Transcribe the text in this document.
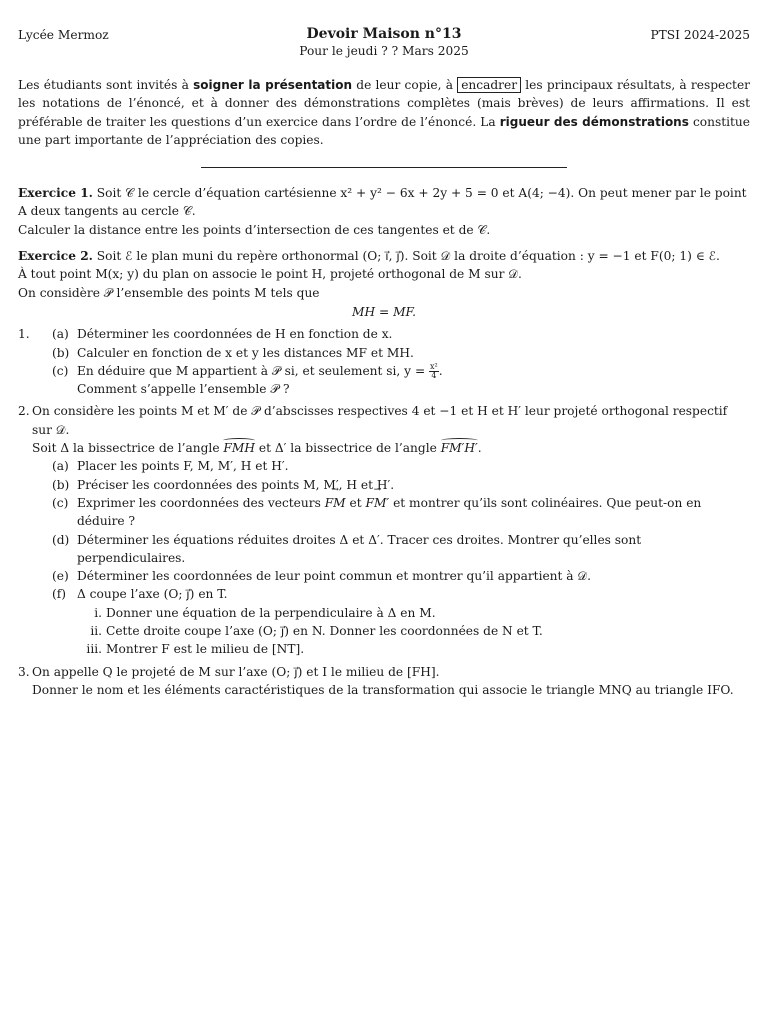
Lycée Mermoz	Devoir Maison n°13
Pour le jeudi ? ? Mars 2025
PTSI 2024-2025

Les étudiants sont invités à soigner la présentation de leur copie, à encadrer les principaux résultats, à respecter les notations de l’énoncé, et à donner des démonstrations complètes (mais brèves) de leurs affirmations. Il est préférable de traiter les questions d’un exercice dans l’ordre de l’énoncé. La rigueur des démonstrations constitue une part importante de l’appréciation des copies.

Exercice 1. Soit 𝒞 le cercle d’équation cartésienne x² + y² − 6x + 2y + 5 = 0 et A(4; −4). On peut mener par le point A deux tangents au cercle 𝒞.

Calculer la distance entre les points d’intersection de ces tangentes et de 𝒞.

Exercice 2. Soit ℰ le plan muni du repère orthonormal (O; i⃗, j⃗). Soit 𝒟 la droite d’équation : y = −1 et F(0; 1) ∈ ℰ.

À tout point M(x; y) du plan on associe le point H, projeté orthogonal de M sur 𝒟.

On considère 𝒫 l’ensemble des points M tels que

MH = MF.

1. (a) Déterminer les coordonnées de H en fonction de x.
(b) Calculer en fonction de x et y les distances MF et MH.
(c) En déduire que M appartient à 𝒫 si, et seulement si, $y = \frac{\text{x²}}{4}$ .
Comment s’appelle l’ensemble 𝒫 ?
2. On considère les points M et M′ de 𝒫 d’abscisses respectives 4 et −1 et H et H′ leur projeté orthogonal respectif sur 𝒟.

Soit Δ la bissectrice de l’angle FMH et Δ′ la bissectrice de l’angle FM′H′.

(a) Placer les points F, M, M′, H et H′.
(b) Préciser les coordonnées des points M, M′, H et H′.
(c) Exprimer les coordonnées des vecteurs → FM et → FM′ et montrer qu’ils sont colinéaires. Que peut-on en déduire ?
(d) Déterminer les équations réduites droites Δ et Δ′. Tracer ces droites. Montrer qu’elles sont perpendiculaires.
(e) Déterminer les coordonnées de leur point commun et montrer qu’il appartient à 𝒟.
(f) Δ coupe l’axe (O; j⃗) en T.
i. Donner une équation de la perpendiculaire à Δ en M.
ii. Cette droite coupe l’axe (O; j⃗) en N. Donner les coordonnées de N et T.
iii. Montrer F est le milieu de [NT].
3. On appelle Q le projeté de M sur l’axe (O; j⃗) et I le milieu de [FH].

Donner le nom et les éléments caractéristiques de la transformation qui associe le triangle MNQ au triangle IFO.
